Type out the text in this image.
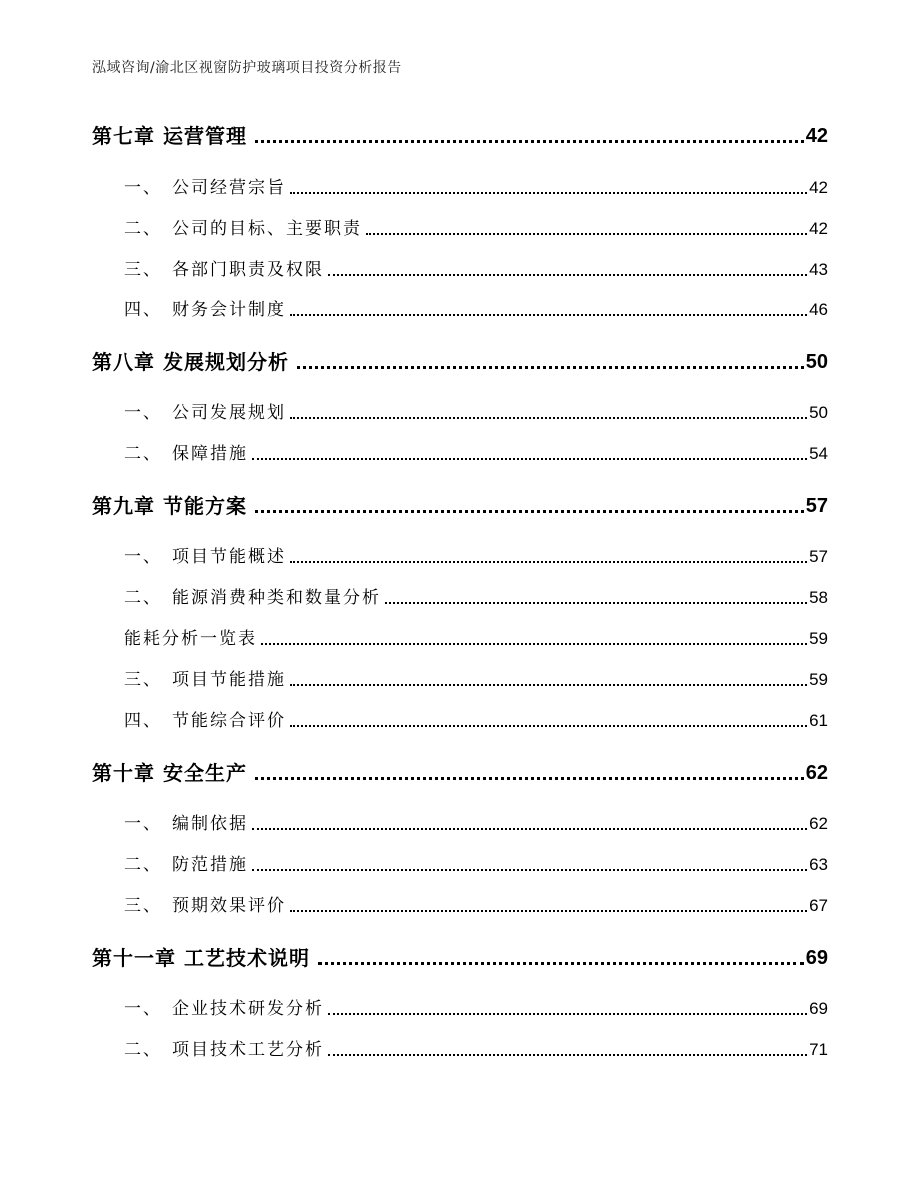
泓域咨询/渝北区视窗防护玻璃项目投资分析报告
第七章 运营管理	42
一、 公司经营宗旨	42
二、 公司的目标、主要职责	42
三、 各部门职责及权限	43
四、 财务会计制度	46
第八章 发展规划分析	50
一、 公司发展规划	50
二、 保障措施	54
第九章 节能方案	57
一、 项目节能概述	57
二、 能源消费种类和数量分析	58
能耗分析一览表	59
三、 项目节能措施	59
四、 节能综合评价	61
第十章 安全生产	62
一、 编制依据	62
二、 防范措施	63
三、 预期效果评价	67
第十一章 工艺技术说明	69
一、 企业技术研发分析	69
二、 项目技术工艺分析	71
